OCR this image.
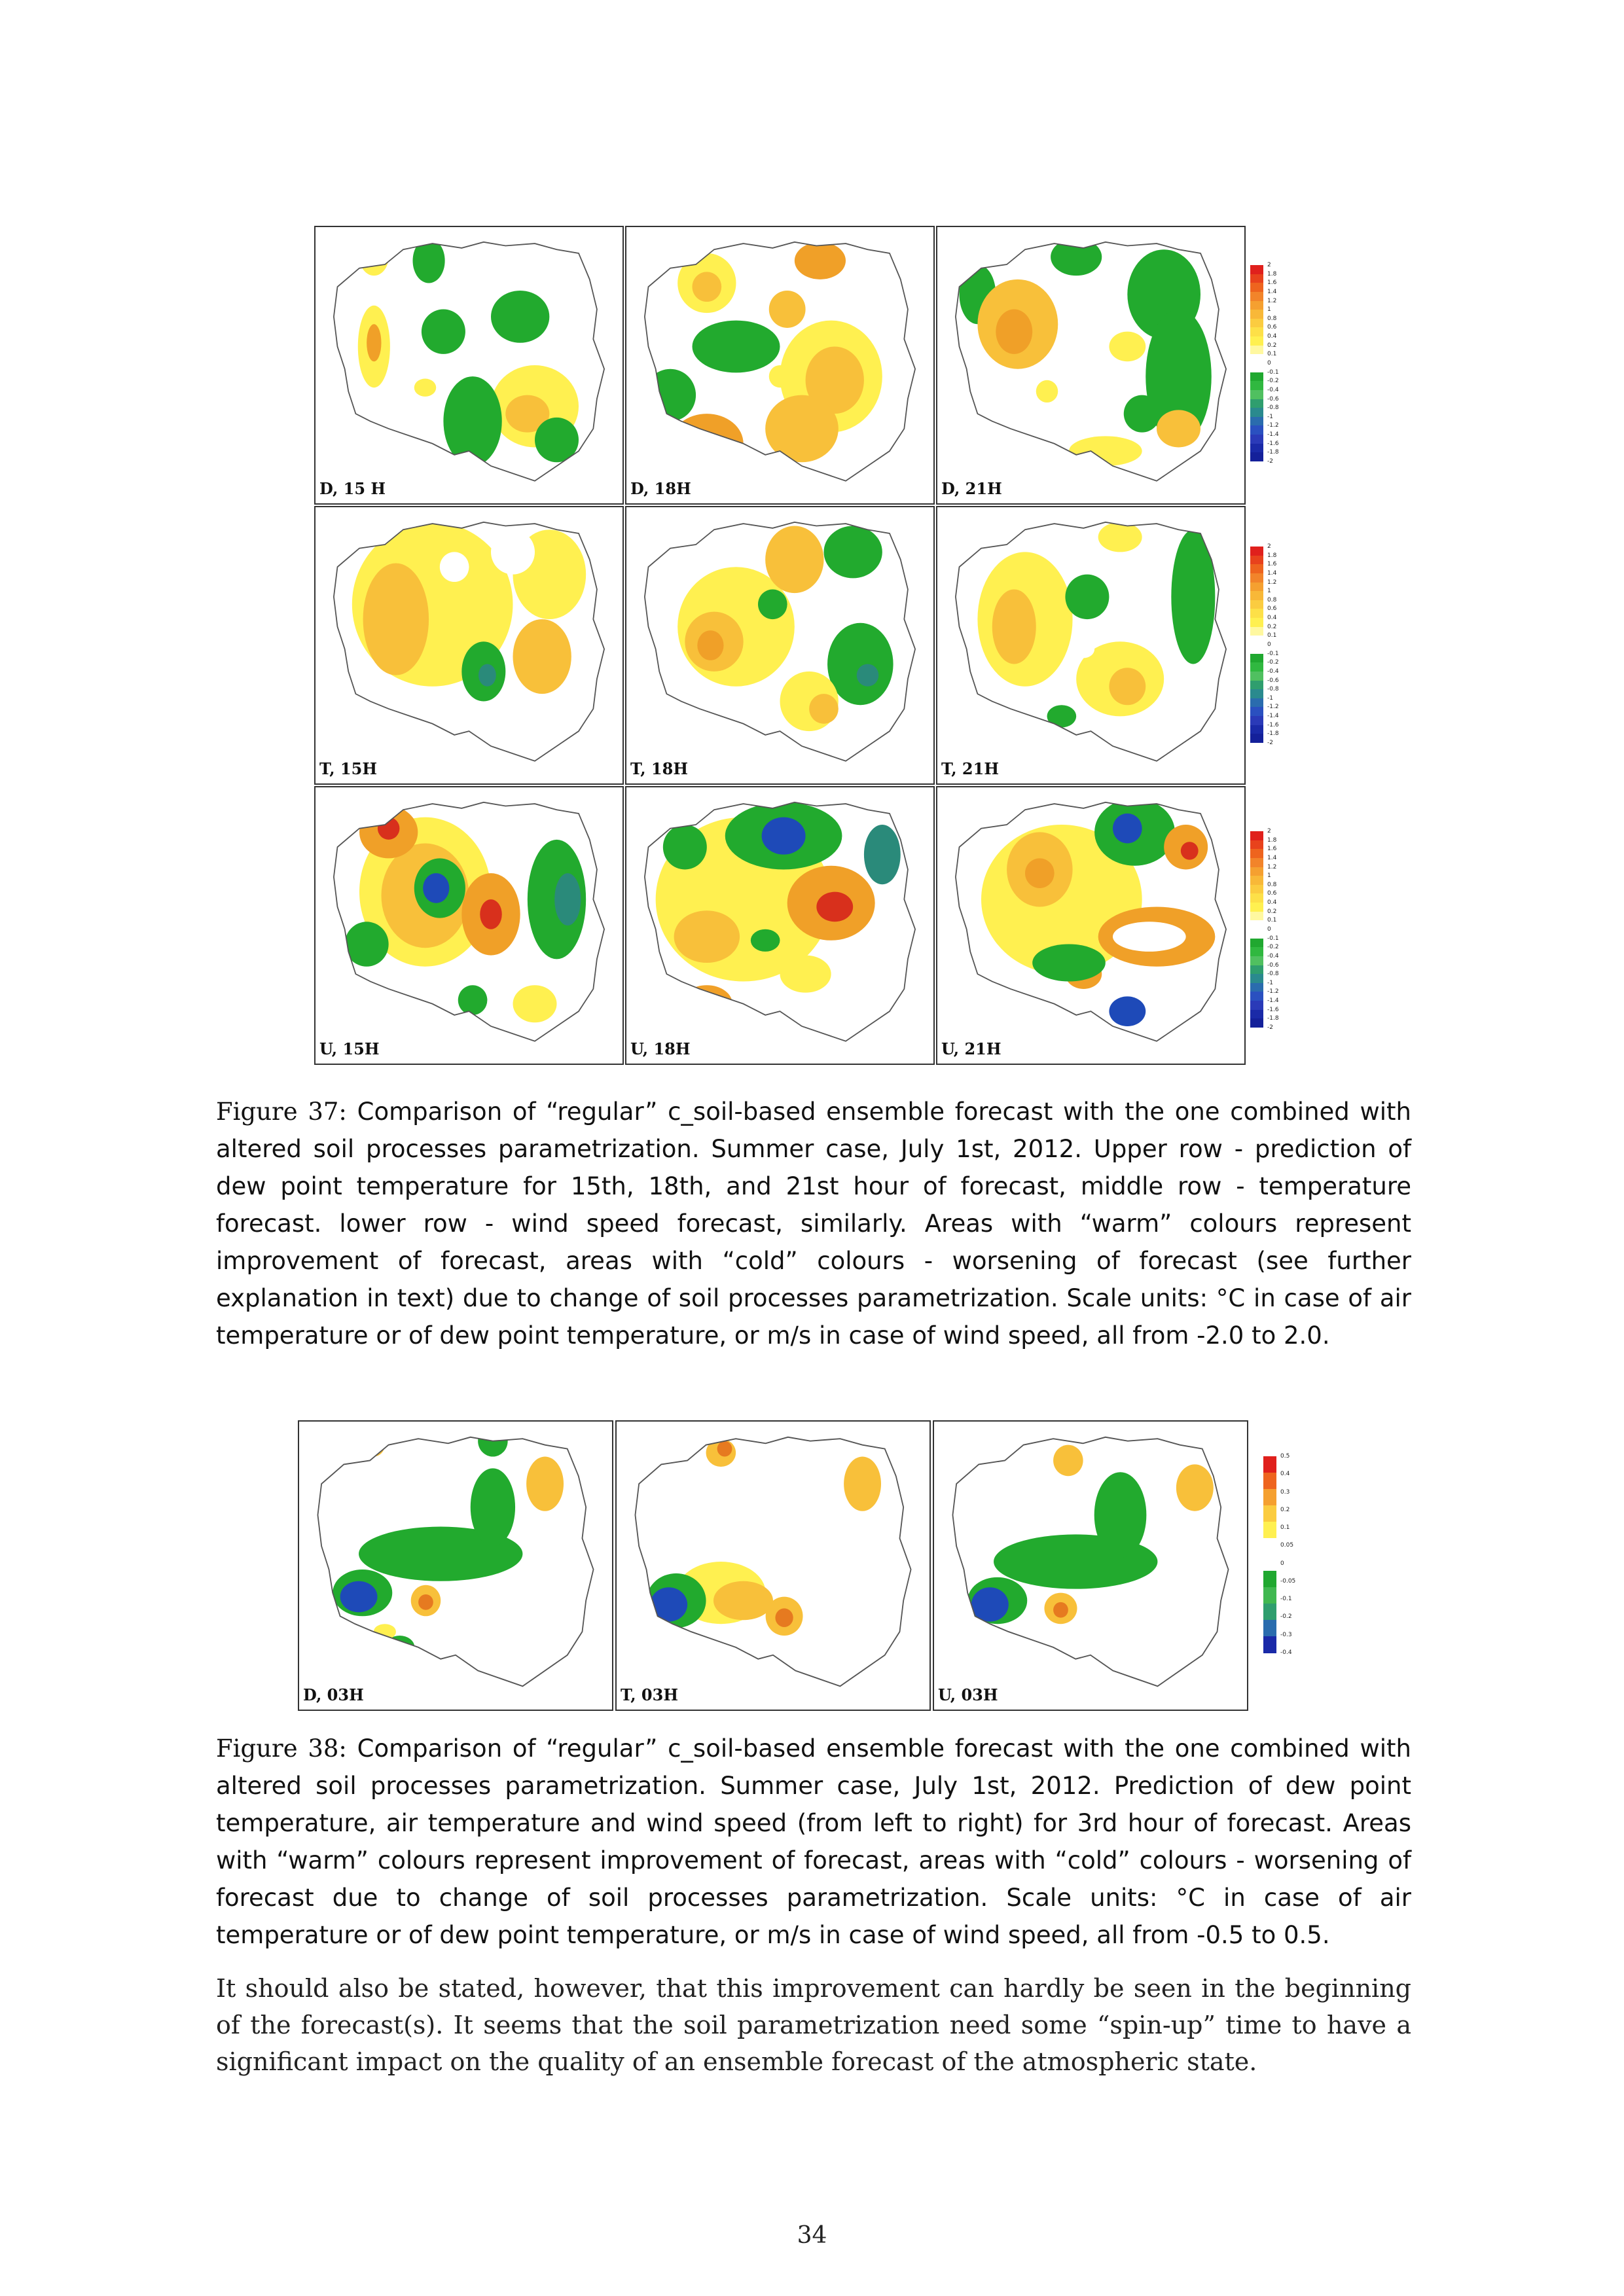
D, 15 H	D, 18H	D, 21H
T, 15H	T, 18H	T, 21H
U, 15H	U, 18H	U, 21H
2
1.8
1.6
1.4
1.2
1
0.8
0.6
0.4
0.2
0.1
0
-0.1
-0.2
-0.4
-0.6
-0.8
-1
-1.2
-1.4
-1.6
-1.8
-2
2
1.8
1.6
1.4
1.2
1
0.8
0.6
0.4
0.2
0.1
0
-0.1
-0.2
-0.4
-0.6
-0.8
-1
-1.2
-1.4
-1.6
-1.8
-2
2
1.8
1.6
1.4
1.2
1
0.8
0.6
0.4
0.2
0.1
0
-0.1
-0.2
-0.4
-0.6
-0.8
-1
-1.2
-1.4
-1.6
-1.8
-2
Figure 37: Comparison of “regular” c_soil-based ensemble forecast with the one combined with altered soil processes parametrization. Summer case, July 1st, 2012. Upper row - prediction of dew point temperature for 15th, 18th, and 21st hour of forecast, middle row - temperature forecast. lower row - wind speed forecast, similarly. Areas with “warm” colours represent improvement of forecast, areas with “cold” colours - worsening of forecast (see further explanation in text) due to change of soil processes parametrization. Scale units: °C in case of air temperature or of dew point temperature, or m/s in case of wind speed, all from -2.0 to 2.0.
D, 03H	T, 03H	U, 03H
0.5
0.4
0.3
0.2
0.1
0.05
0
-0.05
-0.1
-0.2
-0.3
-0.4
Figure 38: Comparison of “regular” c_soil-based ensemble forecast with the one combined with altered soil processes parametrization. Summer case, July 1st, 2012. Prediction of dew point temperature, air temperature and wind speed (from left to right) for 3rd hour of forecast. Areas with “warm” colours represent improvement of forecast, areas with “cold” colours - worsening of forecast due to change of soil processes parametrization. Scale units: °C in case of air temperature or of dew point temperature, or m/s in case of wind speed, all from -0.5 to 0.5.
It should also be stated, however, that this improvement can hardly be seen in the beginning of the forecast(s). It seems that the soil parametrization need some “spin-up” time to have a significant impact on the quality of an ensemble forecast of the atmospheric state.
34
